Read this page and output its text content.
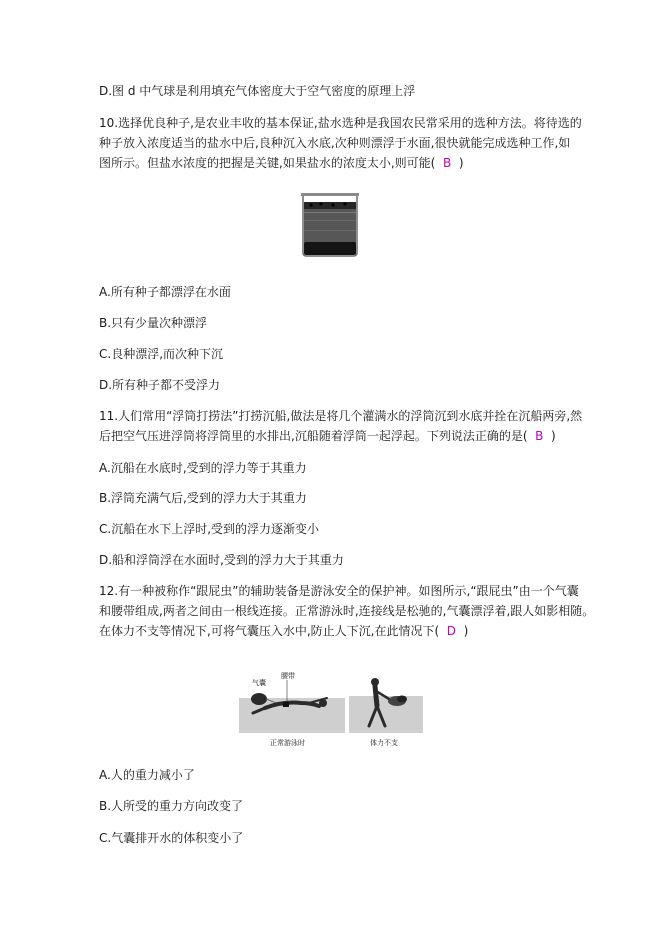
D.图 d 中气球是利用填充气体密度大于空气密度的原理上浮
10.选择优良种子,是农业丰收的基本保证,盐水选种是我国农民常采用的选种方法。将待选的
种子放入浓度适当的盐水中后,良种沉入水底,次种则漂浮于水面,很快就能完成选种工作,如
图所示。但盐水浓度的把握是关键,如果盐水的浓度太小,则可能( B )
A.所有种子都漂浮在水面
B.只有少量次种漂浮
C.良种漂浮,而次种下沉
D.所有种子都不受浮力
11.人们常用“浮筒打捞法”打捞沉船,做法是将几个灌满水的浮筒沉到水底并拴在沉船两旁,然
后把空气压进浮筒将浮筒里的水排出,沉船随着浮筒一起浮起。下列说法正确的是( B )
A.沉船在水底时,受到的浮力等于其重力
B.浮筒充满气后,受到的浮力大于其重力
C.沉船在水下上浮时,受到的浮力逐渐变小
D.船和浮筒浮在水面时,受到的浮力大于其重力
12.有一种被称作“跟屁虫”的辅助装备是游泳安全的保护神。如图所示,“跟屁虫”由一个气囊
和腰带组成,两者之间由一根线连接。正常游泳时,连接线是松驰的,气囊漂浮着,跟人如影相随。
在体力不支等情况下,可将气囊压入水中,防止人下沉,在此情况下( D )
气囊
腰带
正常游泳时	体力不支
A.人的重力减小了
B.人所受的重力方向改变了
C.气囊排开水的体积变小了
